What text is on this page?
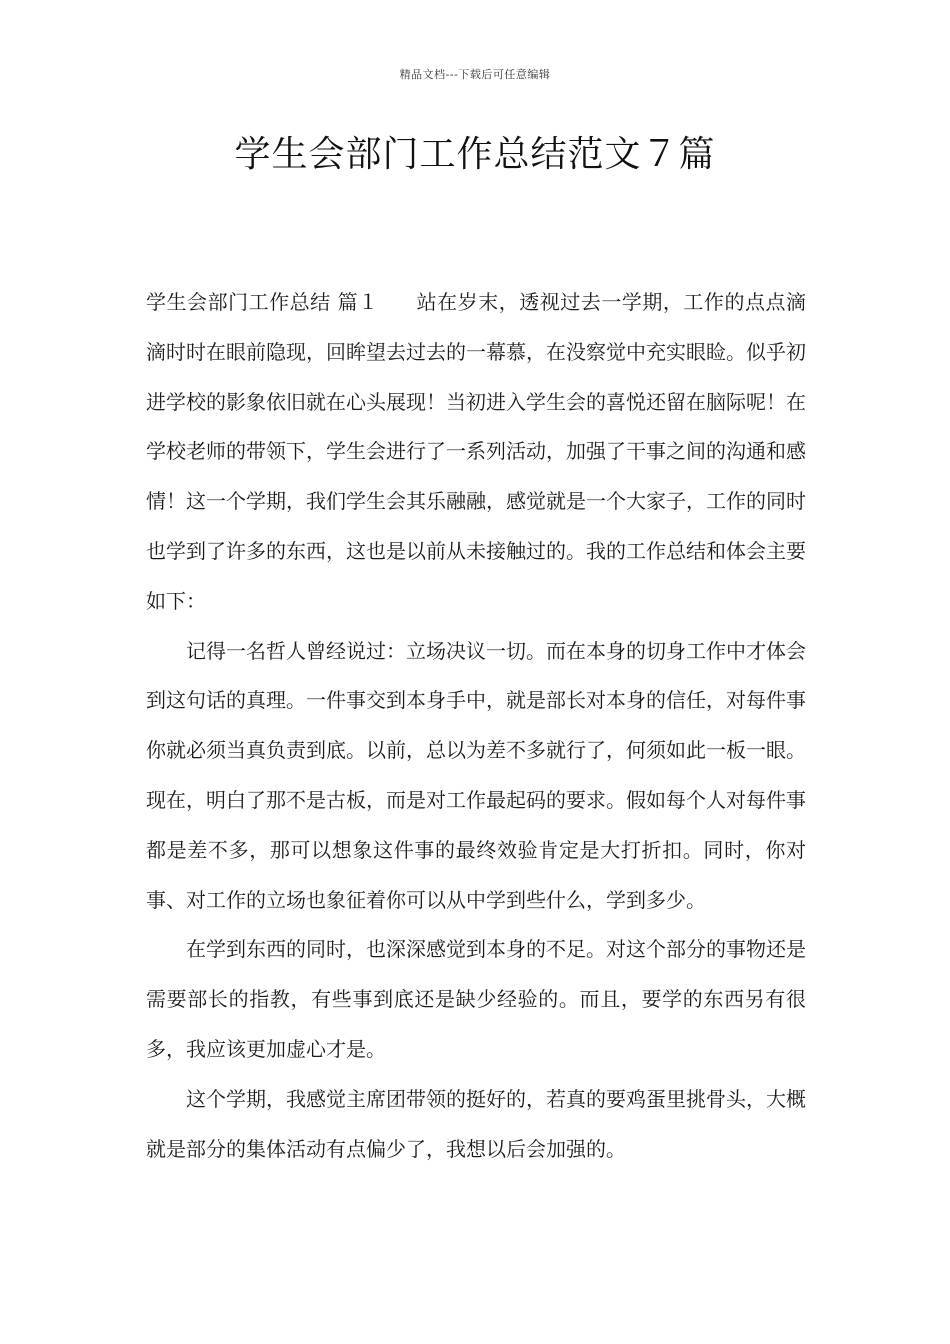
精品文档---下载后可任意编辑
学生会部门工作总结范文７篇

学生会部门工作总结 篇１ 站在岁末，透视过去一学期，工作的点点滴滴时时在眼前隐现，回眸望去过去的一幕慕，在没察觉中充实眼睑。似乎初进学校的影象依旧就在心头展现！当初进入学生会的喜悦还留在脑际呢！在学校老师的带领下，学生会进行了一系列活动，加强了干事之间的沟通和感情！这一个学期，我们学生会其乐融融，感觉就是一个大家子，工作的同时也学到了许多的东西，这也是以前从未接触过的。我的工作总结和体会主要如下：

记得一名哲人曾经说过：立场决议一切。而在本身的切身工作中才体会到这句话的真理。一件事交到本身手中，就是部长对本身的信任，对每件事你就必须当真负责到底。以前，总以为差不多就行了，何须如此一板一眼。现在，明白了那不是古板，而是对工作最起码的要求。假如每个人对每件事都是差不多，那可以想象这件事的最终效验肯定是大打折扣。同时，你对事、对工作的立场也象征着你可以从中学到些什么，学到多少。

在学到东西的同时，也深深感觉到本身的不足。对这个部分的事物还是需要部长的指教，有些事到底还是缺少经验的。而且，要学的东西另有很多，我应该更加虚心才是。

这个学期，我感觉主席团带领的挺好的，若真的要鸡蛋里挑骨头，大概就是部分的集体活动有点偏少了，我想以后会加强的。
